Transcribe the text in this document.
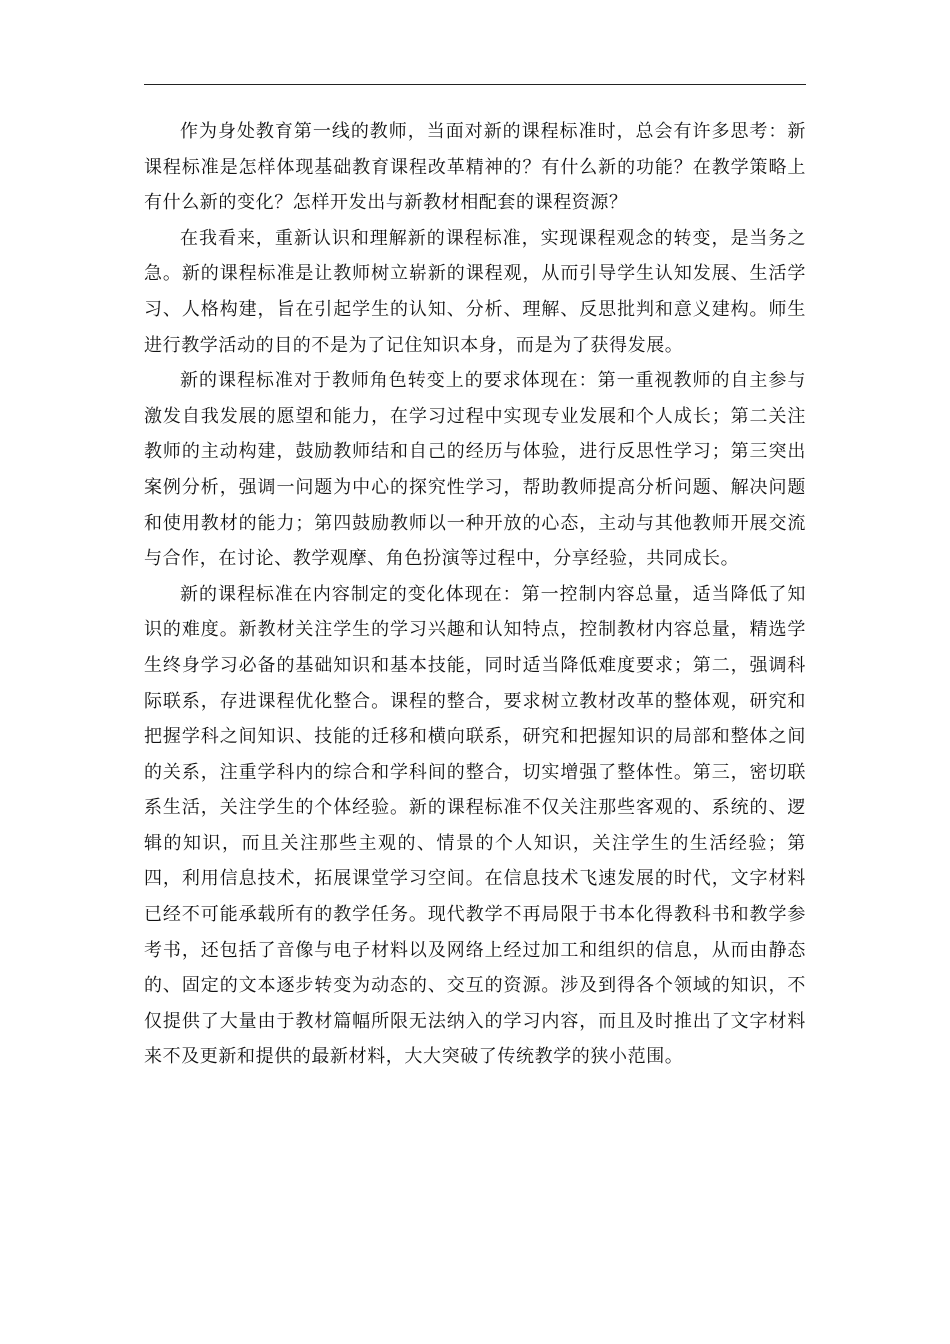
作为身处教育第一线的教师，当面对新的课程标准时，总会有许多思考：新课程标准是怎样体现基础教育课程改革精神的？有什么新的功能？在教学策略上有什么新的变化？怎样开发出与新教材相配套的课程资源？

在我看来，重新认识和理解新的课程标准，实现课程观念的转变，是当务之急。新的课程标准是让教师树立崭新的课程观，从而引导学生认知发展、生活学习、人格构建，旨在引起学生的认知、分析、理解、反思批判和意义建构。师生进行教学活动的目的不是为了记住知识本身，而是为了获得发展。

新的课程标准对于教师角色转变上的要求体现在：第一重视教师的自主参与激发自我发展的愿望和能力，在学习过程中实现专业发展和个人成长；第二关注教师的主动构建，鼓励教师结和自己的经历与体验，进行反思性学习；第三突出案例分析，强调一问题为中心的探究性学习，帮助教师提高分析问题、解决问题和使用教材的能力；第四鼓励教师以一种开放的心态，主动与其他教师开展交流与合作，在讨论、教学观摩、角色扮演等过程中，分享经验，共同成长。

新的课程标准在内容制定的变化体现在：第一控制内容总量，适当降低了知识的难度。新教材关注学生的学习兴趣和认知特点，控制教材内容总量，精选学生终身学习必备的基础知识和基本技能，同时适当降低难度要求；第二，强调科际联系，存进课程优化整合。课程的整合，要求树立教材改革的整体观，研究和把握学科之间知识、技能的迁移和横向联系，研究和把握知识的局部和整体之间的关系，注重学科内的综合和学科间的整合，切实增强了整体性。第三，密切联系生活，关注学生的个体经验。新的课程标准不仅关注那些客观的、系统的、逻辑的知识，而且关注那些主观的、情景的个人知识，关注学生的生活经验；第四，利用信息技术，拓展课堂学习空间。在信息技术飞速发展的时代，文字材料已经不可能承载所有的教学任务。现代教学不再局限于书本化得教科书和教学参考书，还包括了音像与电子材料以及网络上经过加工和组织的信息，从而由静态的、固定的文本逐步转变为动态的、交互的资源。涉及到得各个领域的知识，不仅提供了大量由于教材篇幅所限无法纳入的学习内容，而且及时推出了文字材料来不及更新和提供的最新材料，大大突破了传统教学的狭小范围。
